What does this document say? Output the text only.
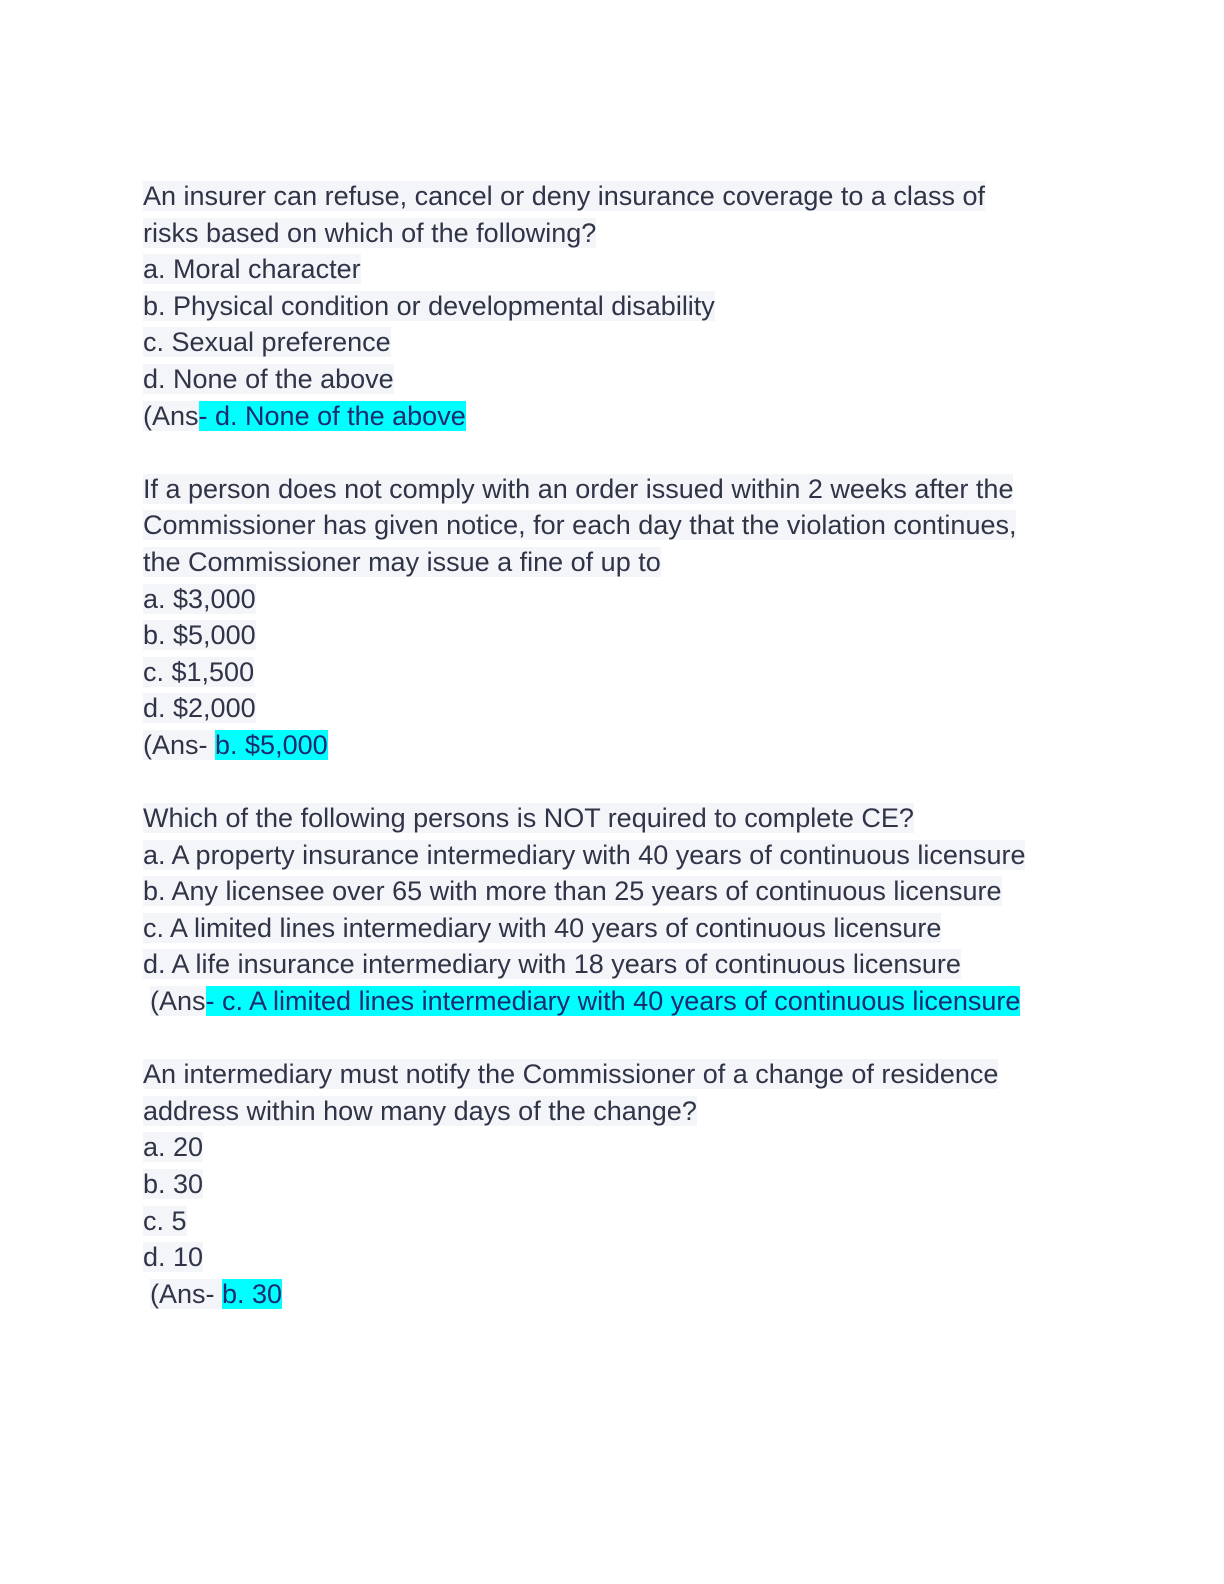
An insurer can refuse, cancel or deny insurance coverage to a class of
risks based on which of the following?
a. Moral character
b. Physical condition or developmental disability
c. Sexual preference
d. None of the above
(Ans- d. None of the above
If a person does not comply with an order issued within 2 weeks after the
Commissioner has given notice, for each day that the violation continues,
the Commissioner may issue a fine of up to
a. $3,000
b. $5,000
c. $1,500
d. $2,000
(Ans- b. $5,000
Which of the following persons is NOT required to complete CE?
a. A property insurance intermediary with 40 years of continuous licensure
b. Any licensee over 65 with more than 25 years of continuous licensure
c. A limited lines intermediary with 40 years of continuous licensure
d. A life insurance intermediary with 18 years of continuous licensure
(Ans- c. A limited lines intermediary with 40 years of continuous licensure
An intermediary must notify the Commissioner of a change of residence
address within how many days of the change?
a. 20
b. 30
c. 5
d. 10
(Ans- b. 30
